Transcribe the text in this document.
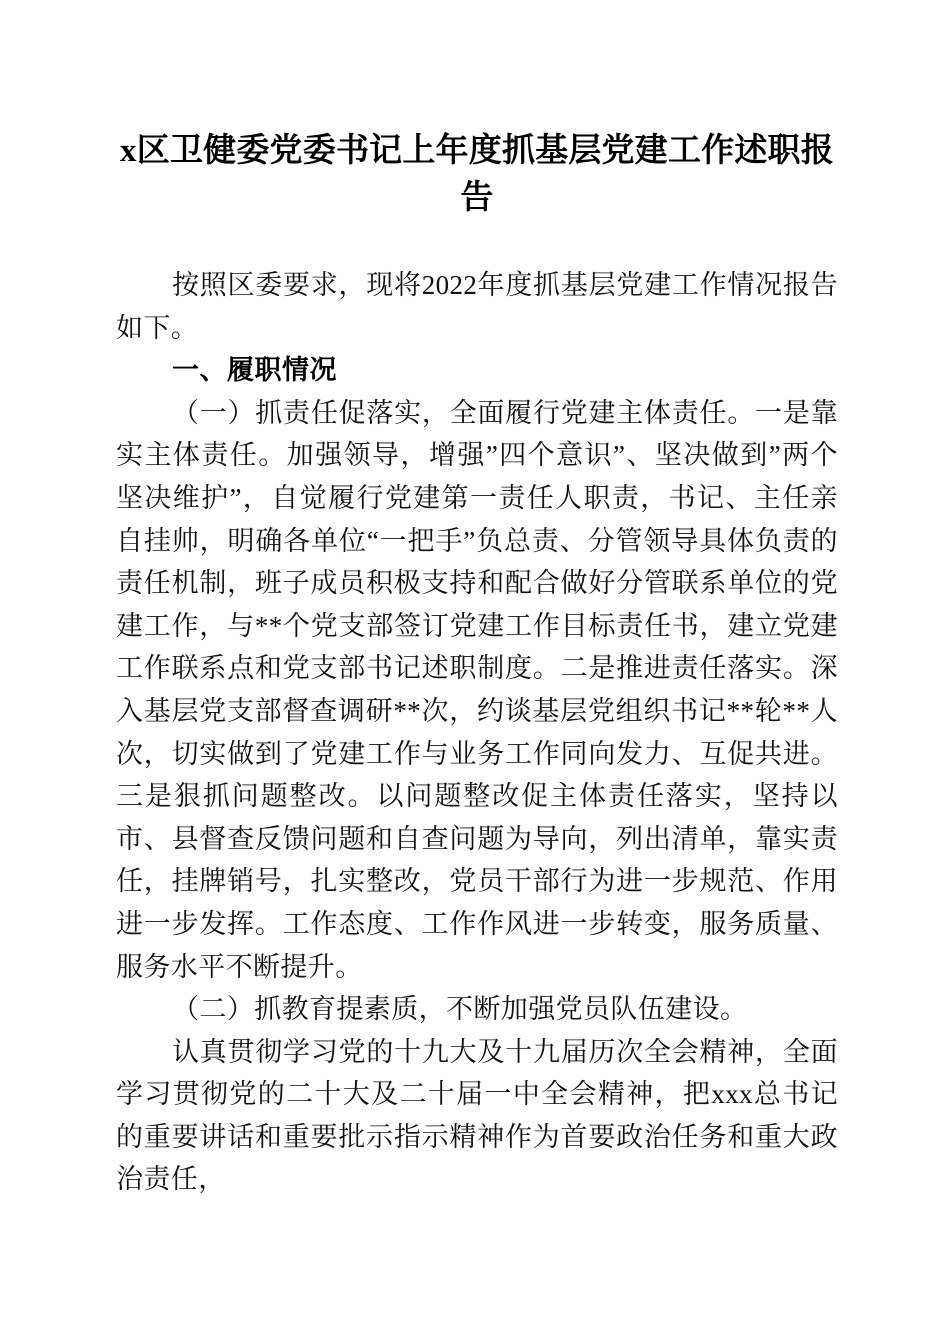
x区卫健委党委书记上年度抓基层党建工作述职报告

按照区委要求，现将2022年度抓基层党建工作情况报告如下。

一、履职情况

（一）抓责任促落实，全面履行党建主体责任。一是靠实主体责任。加强领导，增强”四个意识”、坚决做到”两个坚决维护”，自觉履行党建第一责任人职责，书记、主任亲自挂帅，明确各单位“一把手”负总责、分管领导具体负责的责任机制，班子成员积极支持和配合做好分管联系单位的党建工作，与**个党支部签订党建工作目标责任书，建立党建工作联系点和党支部书记述职制度。二是推进责任落实。深入基层党支部督查调研**次，约谈基层党组织书记**轮**人次，切实做到了党建工作与业务工作同向发力、互促共进。三是狠抓问题整改。以问题整改促主体责任落实，坚持以市、县督查反馈问题和自查问题为导向，列出清单，靠实责任，挂牌销号，扎实整改，党员干部行为进一步规范、作用进一步发挥。工作态度、工作作风进一步转变，服务质量、服务水平不断提升。

（二）抓教育提素质，不断加强党员队伍建设。

认真贯彻学习党的十九大及十九届历次全会精神，全面学习贯彻党的二十大及二十届一中全会精神，把xxx总书记的重要讲话和重要批示指示精神作为首要政治任务和重大政治责任，
